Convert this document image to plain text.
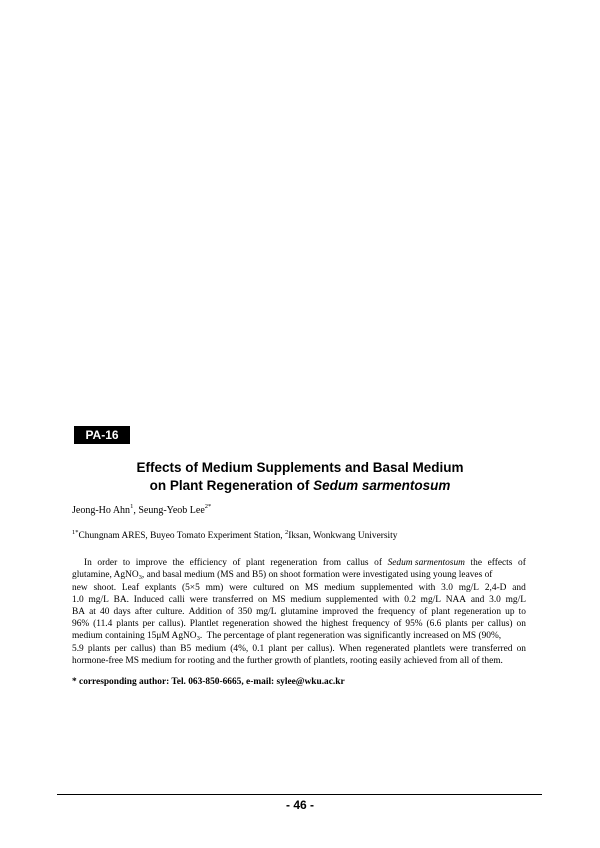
PA-16
Effects of Medium Supplements and Basal Medium
on Plant Regeneration of Sedum sarmentosum
Jeong-Ho Ahn$^1$, Seung-Yeob Lee$^{2*}$
$^{1*}$Chungnam ARES, Buyeo Tomato Experiment Station, $^2$Iksan, Wonkwang University
In order to improve the efficiency of plant regeneration from callus of Sedum sarmentosum the effects of
glutamine, AgNO$_3$, and basal medium (MS and B5) on shoot formation were investigated using young leaves of
new shoot. Leaf explants (5×5 mm) were cultured on MS medium supplemented with 3.0 mg/L 2,4-D and
1.0 mg/L BA. Induced calli were transferred on MS medium supplemented with 0.2 mg/L NAA and 3.0 mg/L
BA at 40 days after culture. Addition of 350 mg/L glutamine improved the frequency of plant regeneration up to
96% (11.4 plants per callus). Plantlet regeneration showed the highest frequency of 95% (6.6 plants per callus) on
medium containing 15μM AgNO$_3$.  The percentage of plant regeneration was significantly increased on MS (90%,
5.9 plants per callus) than B5 medium (4%, 0.1 plant per callus). When regenerated plantlets were transferred on
hormone-free MS medium for rooting and the further growth of plantlets, rooting easily achieved from all of them.
* corresponding author: Tel. 063-850-6665, e-mail: sylee@wku.ac.kr
- 46 -
